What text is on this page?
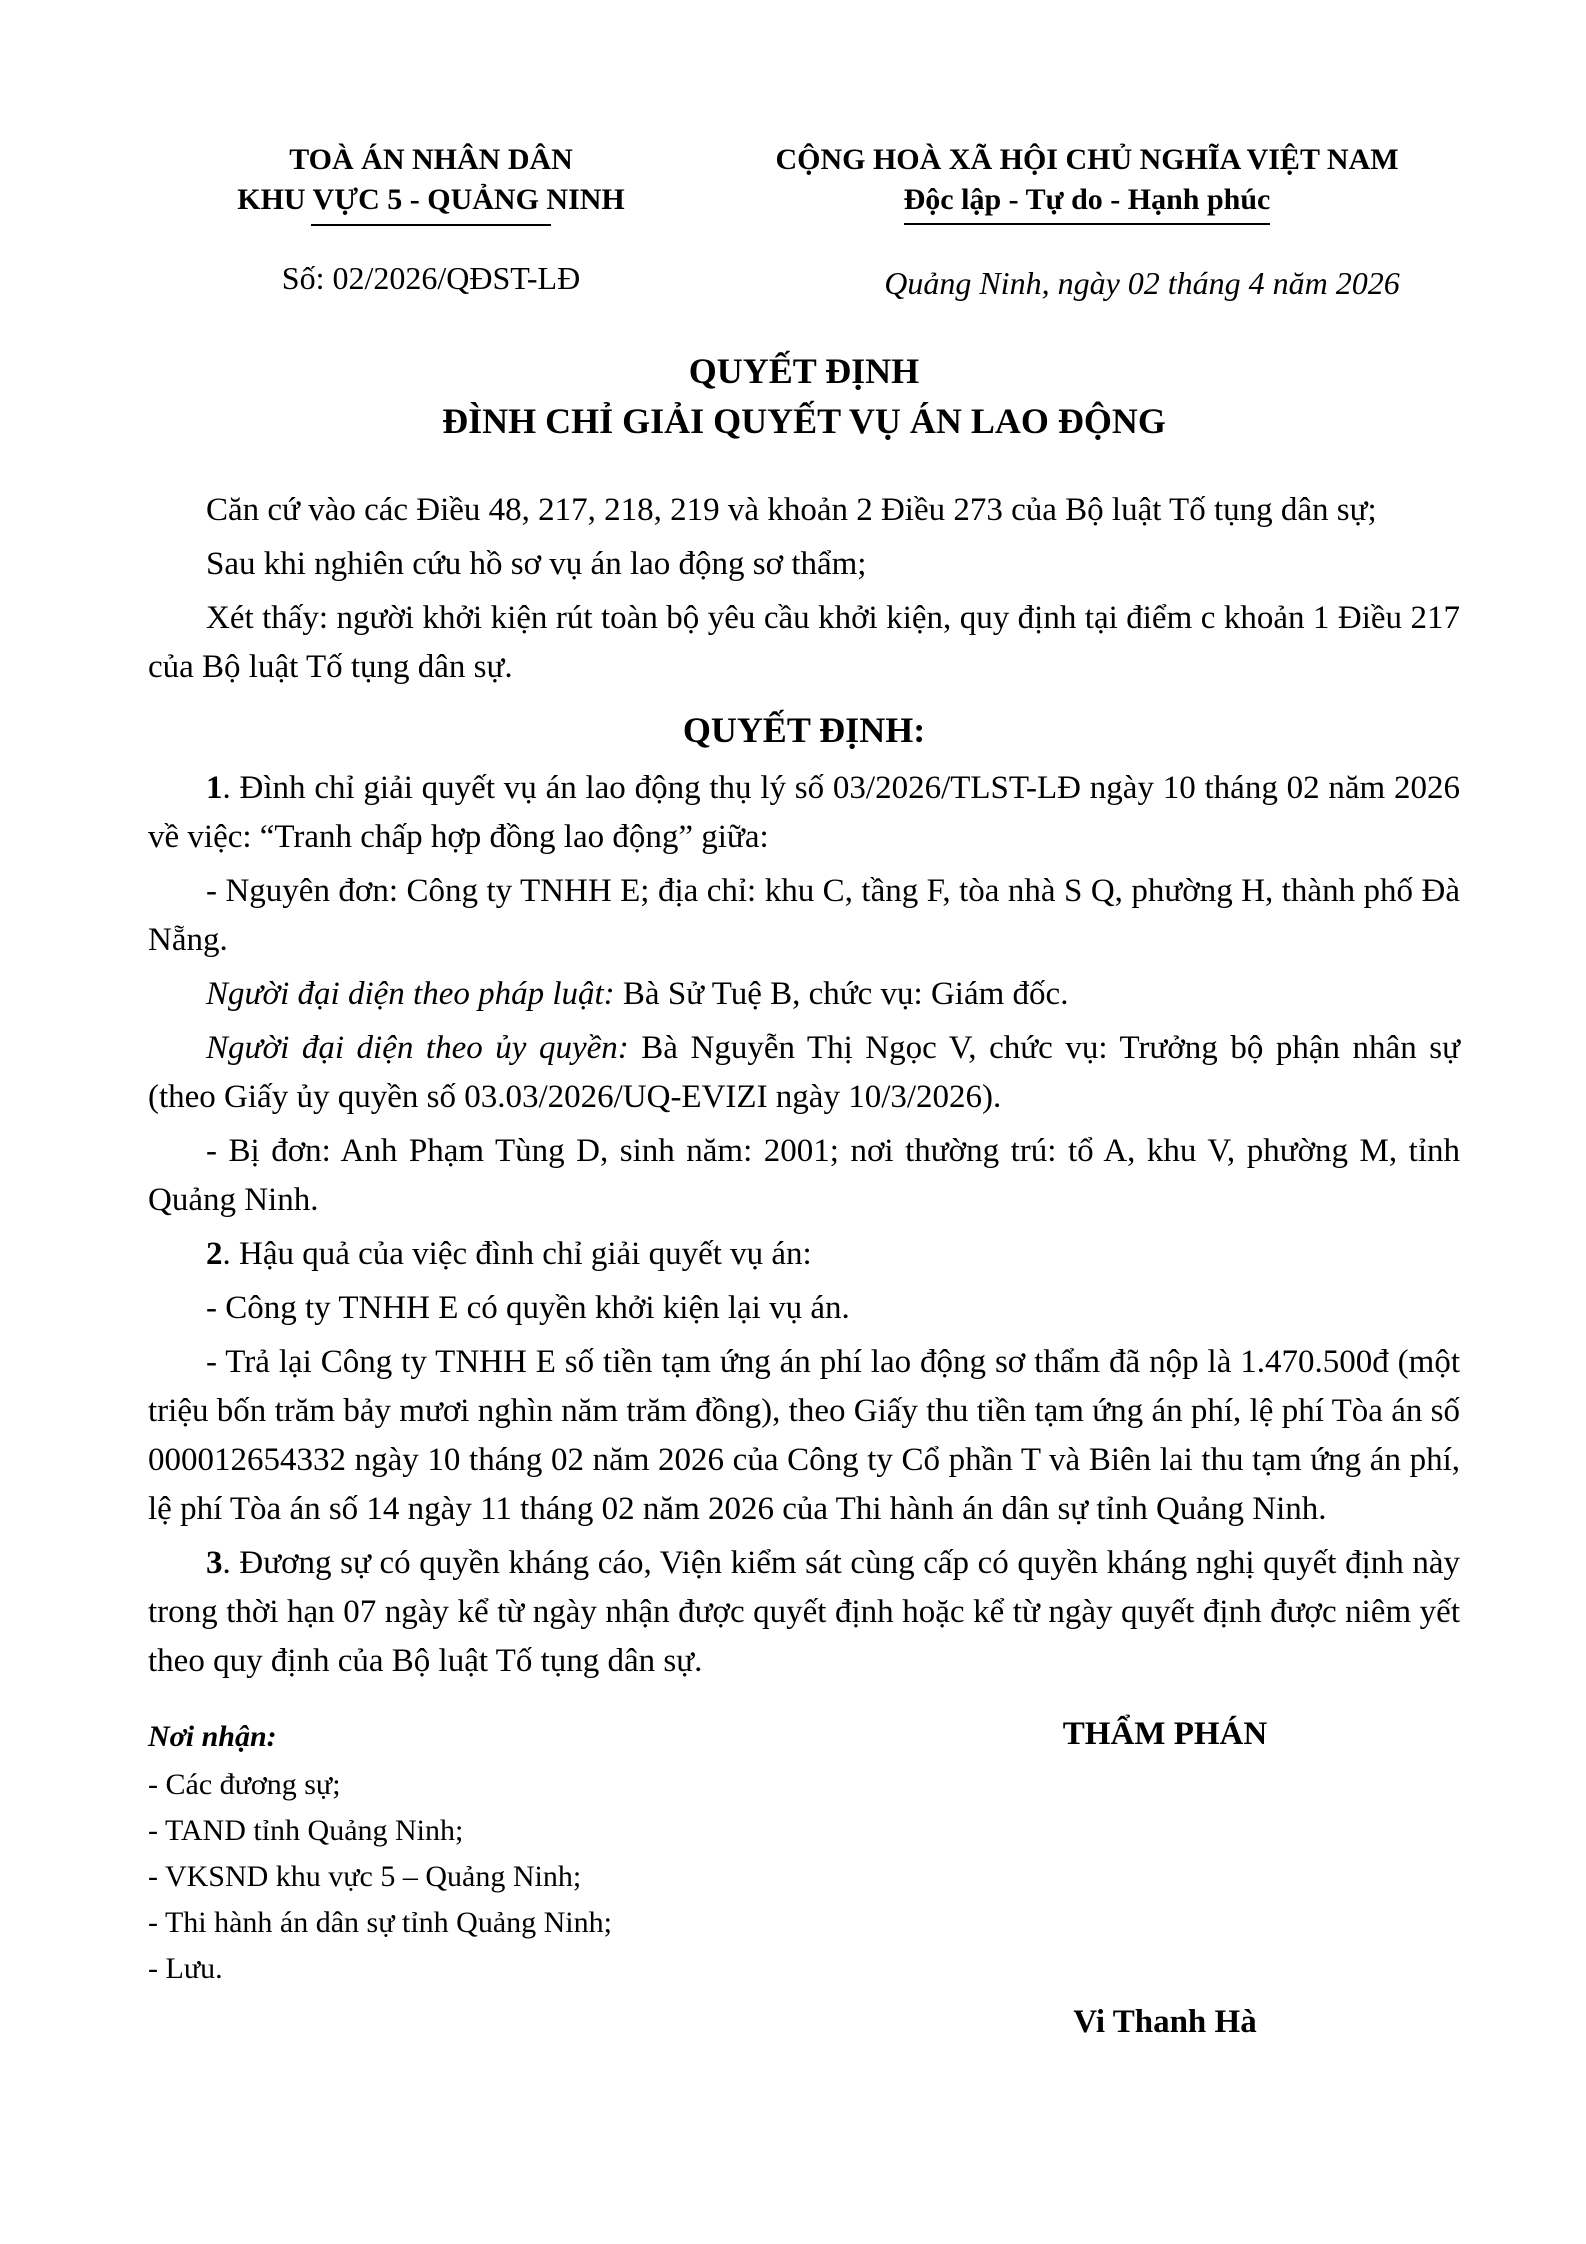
TOÀ ÁN NHÂN DÂN
KHU VỰC 5 - QUẢNG NINH
Số: 02/2026/QĐST-LĐ
CỘNG HOÀ XÃ HỘI CHỦ NGHĨA VIỆT NAM
Độc lập - Tự do - Hạnh phúc
Quảng Ninh, ngày 02 tháng 4 năm 2026
QUYẾT ĐỊNH
ĐÌNH CHỈ GIẢI QUYẾT VỤ ÁN LAO ĐỘNG

Căn cứ vào các Điều 48, 217, 218, 219 và khoản 2 Điều 273 của Bộ luật Tố tụng dân sự;

Sau khi nghiên cứu hồ sơ vụ án lao động sơ thẩm;

Xét thấy: người khởi kiện rút toàn bộ yêu cầu khởi kiện, quy định tại điểm c khoản 1 Điều 217 của Bộ luật Tố tụng dân sự.

QUYẾT ĐỊNH:

1. Đình chỉ giải quyết vụ án lao động thụ lý số 03/2026/TLST-LĐ ngày 10 tháng 02 năm 2026 về việc: “Tranh chấp hợp đồng lao động” giữa:

- Nguyên đơn: Công ty TNHH E; địa chỉ: khu C, tầng F, tòa nhà S Q, phường H, thành phố Đà Nẵng.

Người đại diện theo pháp luật: Bà Sử Tuệ B, chức vụ: Giám đốc.

Người đại diện theo ủy quyền: Bà Nguyễn Thị Ngọc V, chức vụ: Trưởng bộ phận nhân sự (theo Giấy ủy quyền số 03.03/2026/UQ-EVIZI ngày 10/3/2026).

- Bị đơn: Anh Phạm Tùng D, sinh năm: 2001; nơi thường trú: tổ A, khu V, phường M, tỉnh Quảng Ninh.

2. Hậu quả của việc đình chỉ giải quyết vụ án:

- Công ty TNHH E có quyền khởi kiện lại vụ án.

- Trả lại Công ty TNHH E số tiền tạm ứng án phí lao động sơ thẩm đã nộp là 1.470.500đ (một triệu bốn trăm bảy mươi nghìn năm trăm đồng), theo Giấy thu tiền tạm ứng án phí, lệ phí Tòa án số 000012654332 ngày 10 tháng 02 năm 2026 của Công ty Cổ phần T và Biên lai thu tạm ứng án phí, lệ phí Tòa án số 14 ngày 11 tháng 02 năm 2026 của Thi hành án dân sự tỉnh Quảng Ninh.

3. Đương sự có quyền kháng cáo, Viện kiểm sát cùng cấp có quyền kháng nghị quyết định này trong thời hạn 07 ngày kể từ ngày nhận được quyết định hoặc kể từ ngày quyết định được niêm yết theo quy định của Bộ luật Tố tụng dân sự.

Nơi nhận:
- Các đương sự;
- TAND tỉnh Quảng Ninh;
- VKSND khu vực 5 – Quảng Ninh;
- Thi hành án dân sự tỉnh Quảng Ninh;
- Lưu.
THẨM PHÁN
Vi Thanh Hà
